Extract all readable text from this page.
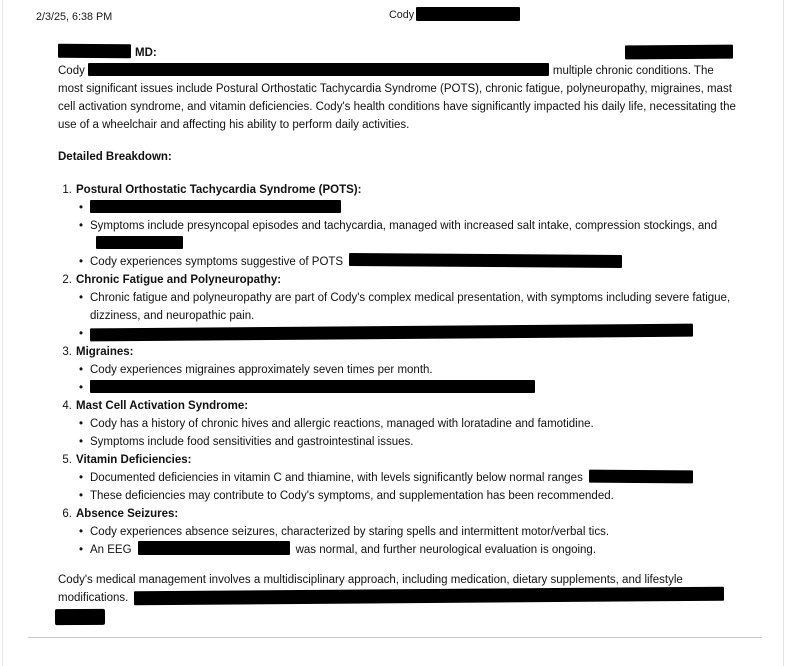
2/3/25, 6:38 PM	Cody
MD:

Cody	multiple chronic conditions. The most significant issues include Postural Orthostatic Tachycardia Syndrome (POTS), chronic fatigue, polyneuropathy, migraines, mast cell activation syndrome, and vitamin deficiencies. Cody's health conditions have significantly impacted his daily life, necessitating the use of a wheelchair and affecting his ability to perform daily activities.

Detailed Breakdown:
1. Postural Orthostatic Tachycardia Syndrome (POTS):
•
• Symptoms include presyncopal episodes and tachycardia, managed with increased salt intake, compression stockings, and
• Cody experiences symptoms suggestive of POTS
2. Chronic Fatigue and Polyneuropathy:
• Chronic fatigue and polyneuropathy are part of Cody's complex medical presentation, with symptoms including severe fatigue, dizziness, and neuropathic pain.
•
3. Migraines:
• Cody experiences migraines approximately seven times per month.
•
4. Mast Cell Activation Syndrome:
• Cody has a history of chronic hives and allergic reactions, managed with loratadine and famotidine.
• Symptoms include food sensitivities and gastrointestinal issues.
5. Vitamin Deficiencies:
• Documented deficiencies in vitamin C and thiamine, with levels significantly below normal ranges
• These deficiencies may contribute to Cody's symptoms, and supplementation has been recommended.
6. Absence Seizures:
• Cody experiences absence seizures, characterized by staring spells and intermittent motor/verbal tics.
• An EEG	was normal, and further neurological evaluation is ongoing.

Cody's medical management involves a multidisciplinary approach, including medication, dietary supplements, and lifestyle modifications.
